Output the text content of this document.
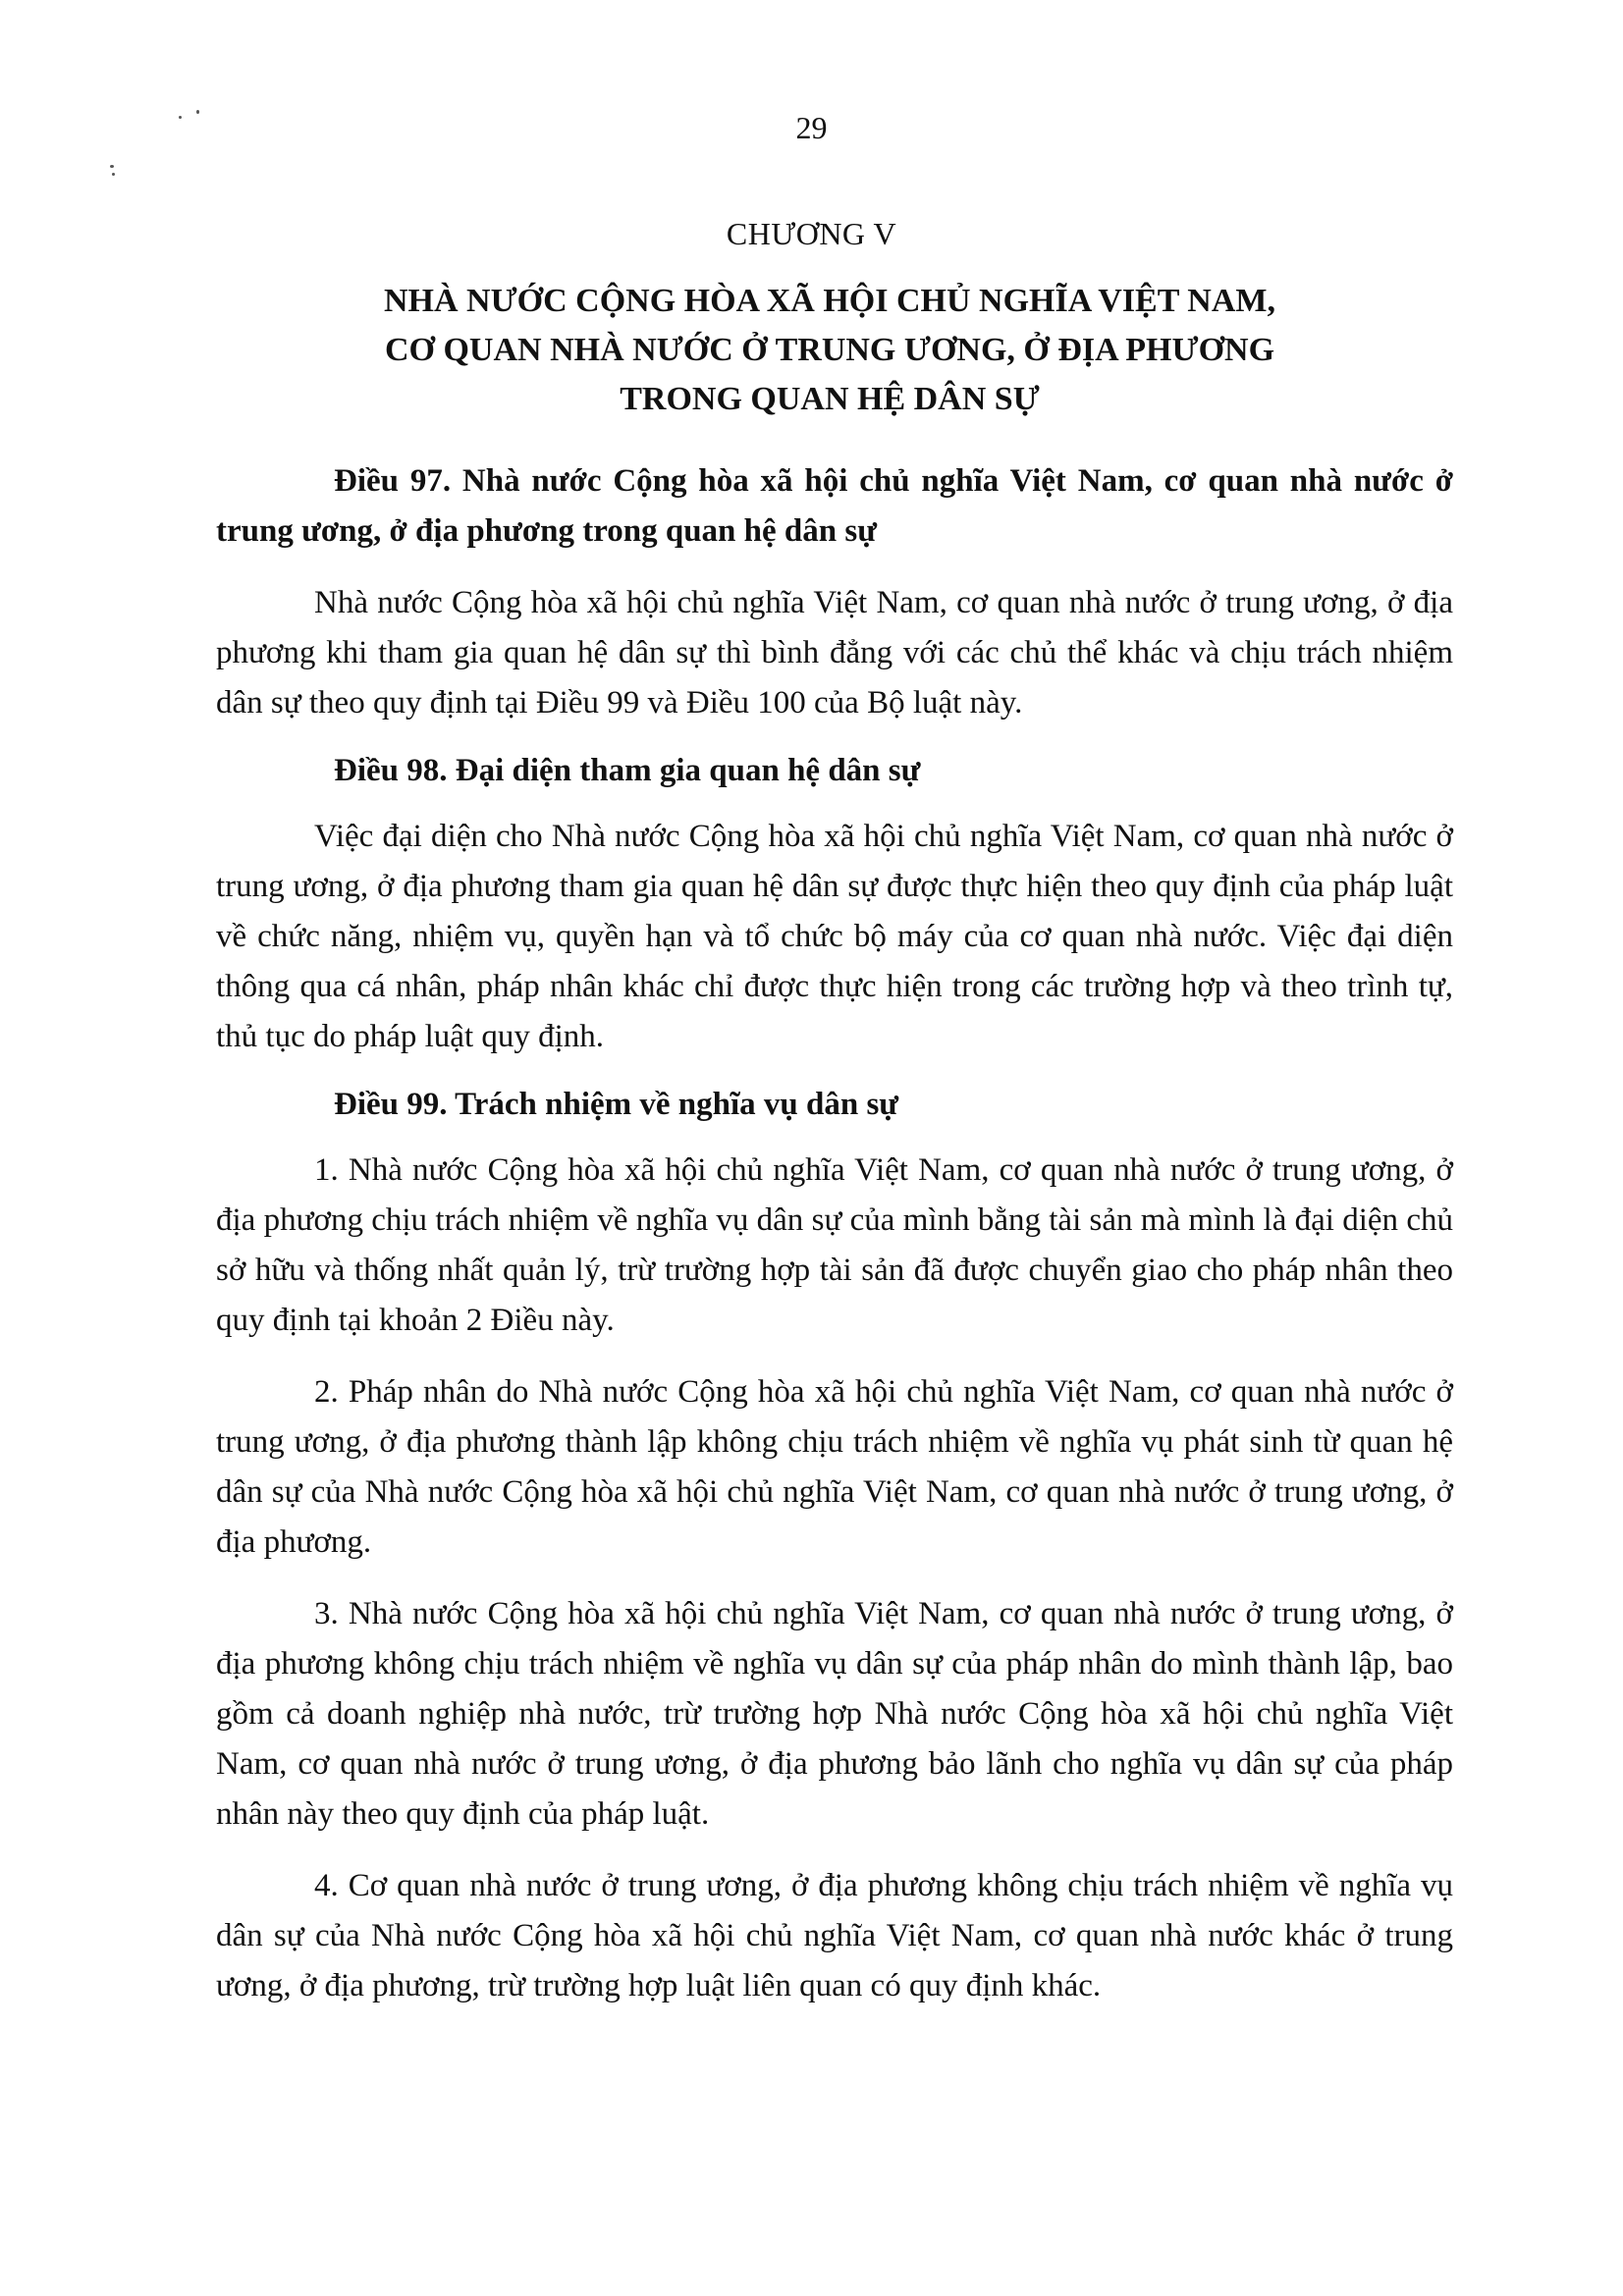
29
CHƯƠNG V
NHÀ NƯỚC CỘNG HÒA XÃ HỘI CHỦ NGHĨA VIỆT NAM,
CƠ QUAN NHÀ NƯỚC Ở TRUNG ƯƠNG, Ở ĐỊA PHƯƠNG
TRONG QUAN HỆ DÂN SỰ
Điều 97. Nhà nước Cộng hòa xã hội chủ nghĩa Việt Nam, cơ quan nhà nước ở trung ương, ở địa phương trong quan hệ dân sự
Nhà nước Cộng hòa xã hội chủ nghĩa Việt Nam, cơ quan nhà nước ở trung ương, ở địa phương khi tham gia quan hệ dân sự thì bình đẳng với các chủ thể khác và chịu trách nhiệm dân sự theo quy định tại Điều 99 và Điều 100 của Bộ luật này.
Điều 98. Đại diện tham gia quan hệ dân sự
Việc đại diện cho Nhà nước Cộng hòa xã hội chủ nghĩa Việt Nam, cơ quan nhà nước ở trung ương, ở địa phương tham gia quan hệ dân sự được thực hiện theo quy định của pháp luật về chức năng, nhiệm vụ, quyền hạn và tổ chức bộ máy của cơ quan nhà nước. Việc đại diện thông qua cá nhân, pháp nhân khác chỉ được thực hiện trong các trường hợp và theo trình tự, thủ tục do pháp luật quy định.
Điều 99. Trách nhiệm về nghĩa vụ dân sự
1. Nhà nước Cộng hòa xã hội chủ nghĩa Việt Nam, cơ quan nhà nước ở trung ương, ở địa phương chịu trách nhiệm về nghĩa vụ dân sự của mình bằng tài sản mà mình là đại diện chủ sở hữu và thống nhất quản lý, trừ trường hợp tài sản đã được chuyển giao cho pháp nhân theo quy định tại khoản 2 Điều này.
2. Pháp nhân do Nhà nước Cộng hòa xã hội chủ nghĩa Việt Nam, cơ quan nhà nước ở trung ương, ở địa phương thành lập không chịu trách nhiệm về nghĩa vụ phát sinh từ quan hệ dân sự của Nhà nước Cộng hòa xã hội chủ nghĩa Việt Nam, cơ quan nhà nước ở trung ương, ở địa phương.
3. Nhà nước Cộng hòa xã hội chủ nghĩa Việt Nam, cơ quan nhà nước ở trung ương, ở địa phương không chịu trách nhiệm về nghĩa vụ dân sự của pháp nhân do mình thành lập, bao gồm cả doanh nghiệp nhà nước, trừ trường hợp Nhà nước Cộng hòa xã hội chủ nghĩa Việt Nam, cơ quan nhà nước ở trung ương, ở địa phương bảo lãnh cho nghĩa vụ dân sự của pháp nhân này theo quy định của pháp luật.
4. Cơ quan nhà nước ở trung ương, ở địa phương không chịu trách nhiệm về nghĩa vụ dân sự của Nhà nước Cộng hòa xã hội chủ nghĩa Việt Nam, cơ quan nhà nước khác ở trung ương, ở địa phương, trừ trường hợp luật liên quan có quy định khác.
